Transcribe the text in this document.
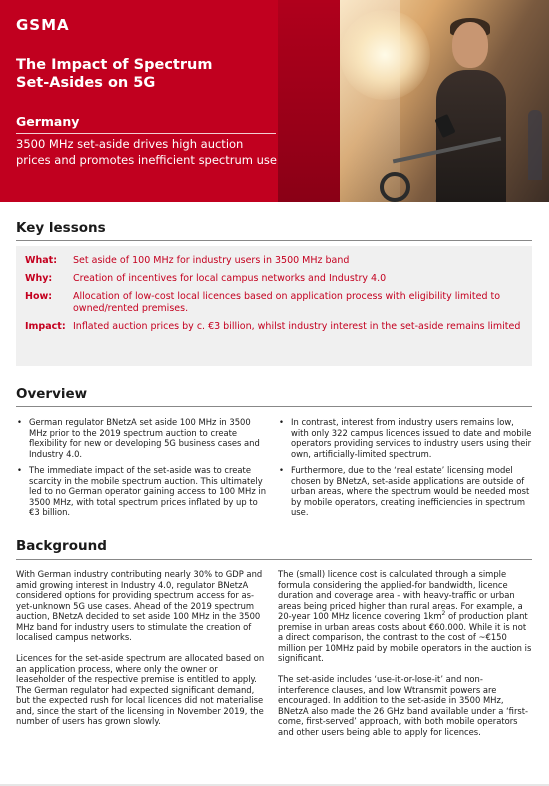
GSMA
The Impact of Spectrum
Set-Asides on 5G
Germany
3500 MHz set-aside drives high auction prices and promotes inefficient spectrum use
Key lessons
What: Set aside of 100 MHz for industry users in 3500 MHz band
Why: Creation of incentives for local campus networks and Industry 4.0
How: Allocation of low-cost local licences based on application process with eligibility limited to owned/rented premises.
Impact: Inflated auction prices by c. €3 billion, whilst industry interest in the set-aside remains limited
Overview
• German regulator BNetzA set aside 100 MHz in 3500 MHz prior to the 2019 spectrum auction to create flexibility for new or developing 5G business cases and Industry 4.0.
• The immediate impact of the set-aside was to create scarcity in the mobile spectrum auction. This ultimately led to no German operator gaining access to 100 MHz in 3500 MHz, with total spectrum prices inflated by up to €3 billion.
• In contrast, interest from industry users remains low, with only 322 campus licences issued to date and mobile operators providing services to industry users using their own, artificially-limited spectrum.
• Furthermore, due to the ‘real estate’ licensing model chosen by BNetzA, set-aside applications are outside of urban areas, where the spectrum would be needed most by mobile operators, creating inefficiencies in spectrum use.
Background

With German industry contributing nearly 30% to GDP and amid growing interest in Industry 4.0, regulator BNetzA considered options for providing spectrum access for as-yet-unknown 5G use cases. Ahead of the 2019 spectrum auction, BNetzA decided to set aside 100 MHz in the 3500 MHz band for industry users to stimulate the creation of localised campus networks.

Licences for the set-aside spectrum are allocated based on an application process, where only the owner or leaseholder of the respective premise is entitled to apply. The German regulator had expected significant demand, but the expected rush for local licences did not materialise and, since the start of the licensing in November 2019, the number of users has grown slowly.

The (small) licence cost is calculated through a simple formula considering the applied-for bandwidth, licence duration and coverage area - with heavy-traffic or urban areas being priced higher than rural areas. For example, a 20-year 100 MHz licence covering $1km^2$ of production plant premise in urban areas costs about €60.000. While it is not a direct comparison, the contrast to the cost of ~€150 million per 10MHz paid by mobile operators in the auction is significant.

The set-aside includes ‘use-it-or-lose-it’ and non-interference clauses, and low Wtransmit powers are encouraged. In addition to the set-aside in 3500 MHz, BNetzA also made the 26 GHz band available under a ‘first-come, first-served’ approach, with both mobile operators and other users being able to apply for licences.
